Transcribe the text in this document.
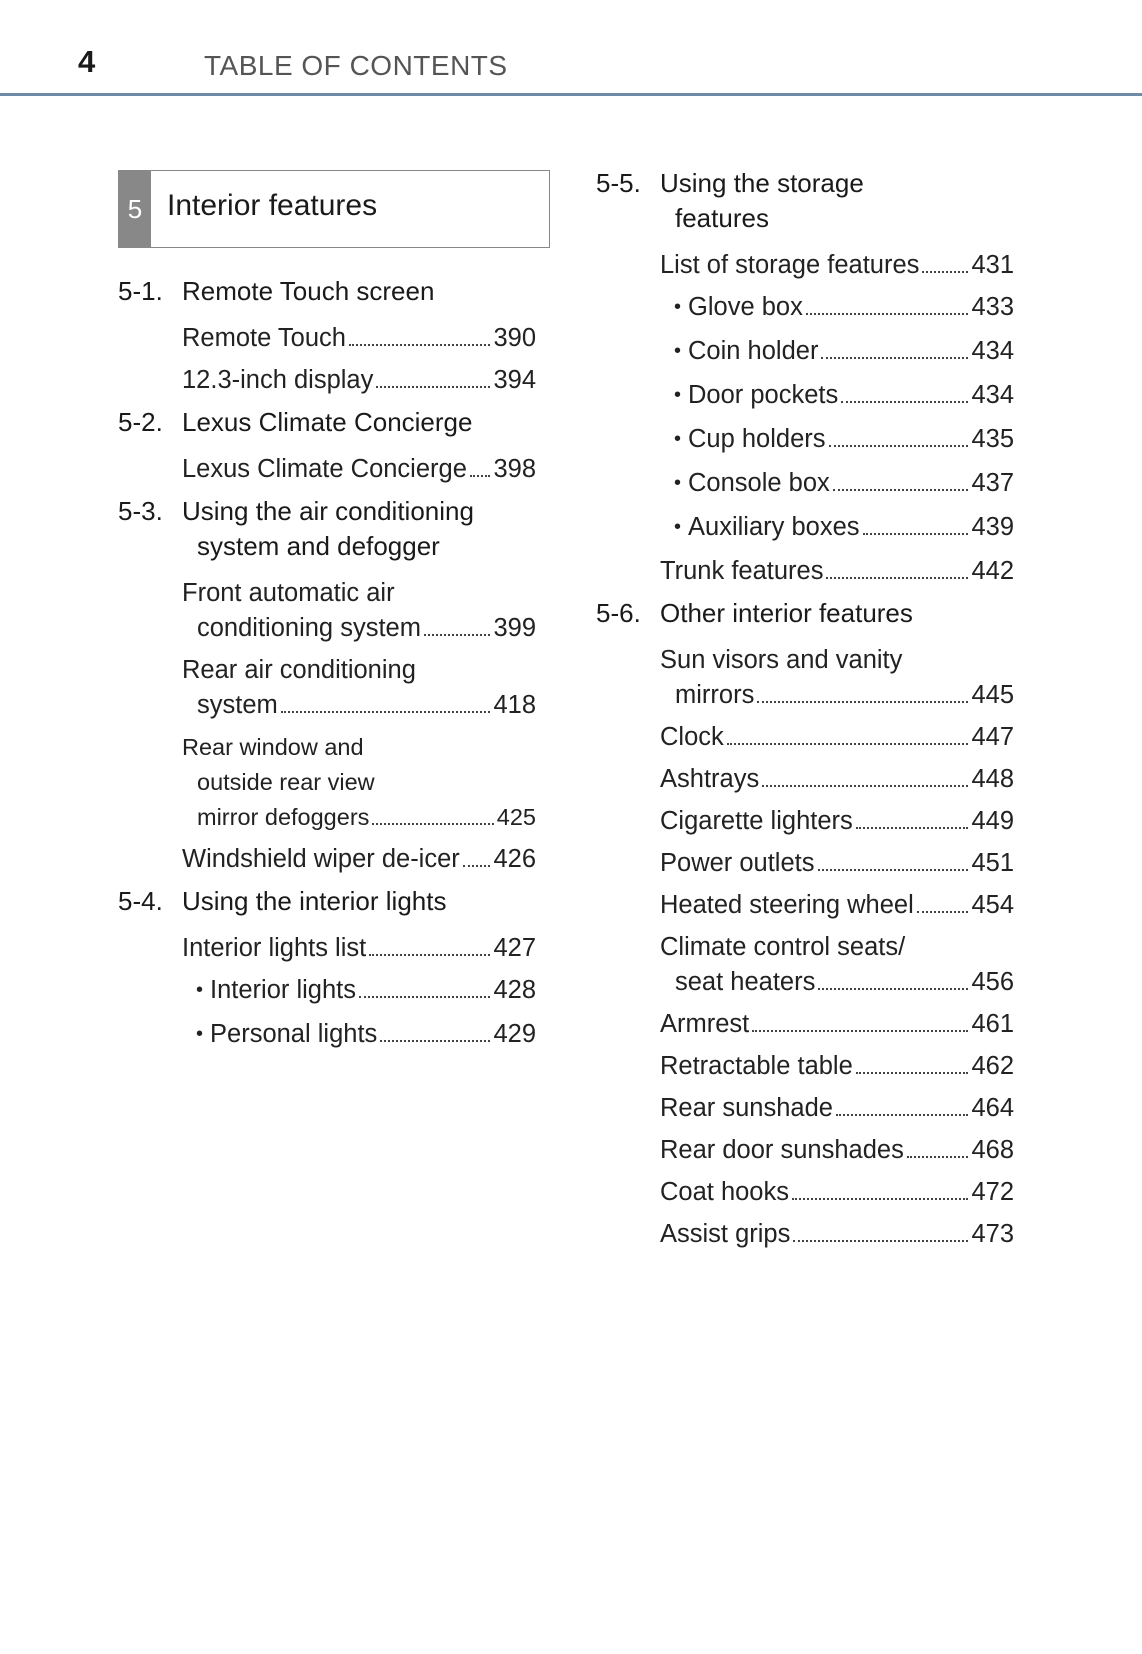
4	TABLE OF CONTENTS
5 Interior features
5-1. Remote Touch screen
Remote Touch	390
12.3-inch display	394
5-2. Lexus Climate Concierge
Lexus Climate Concierge 398
5-3. Using the air conditioning
system and defogger
Front automatic air
conditioning system	399
Rear air conditioning
system	418
Rear window and
outside rear view
mirror defoggers	425
Windshield wiper de-icer 426
5-4. Using the interior lights
Interior lights list	427
• Interior lights	428
• Personal lights	429
5-5. Using the storage
features
List of storage features 431
• Glove box	433
• Coin holder	434
• Door pockets	434
• Cup holders	435
• Console box	437
• Auxiliary boxes	439
Trunk features	442
5-6. Other interior features
Sun visors and vanity
mirrors	445
Clock	447
Ashtrays	448
Cigarette lighters	449
Power outlets	451
Heated steering wheel 454
Climate control seats/
seat heaters	456
Armrest	461
Retractable table	462
Rear sunshade	464
Rear door sunshades	468
Coat hooks	472
Assist grips	473
